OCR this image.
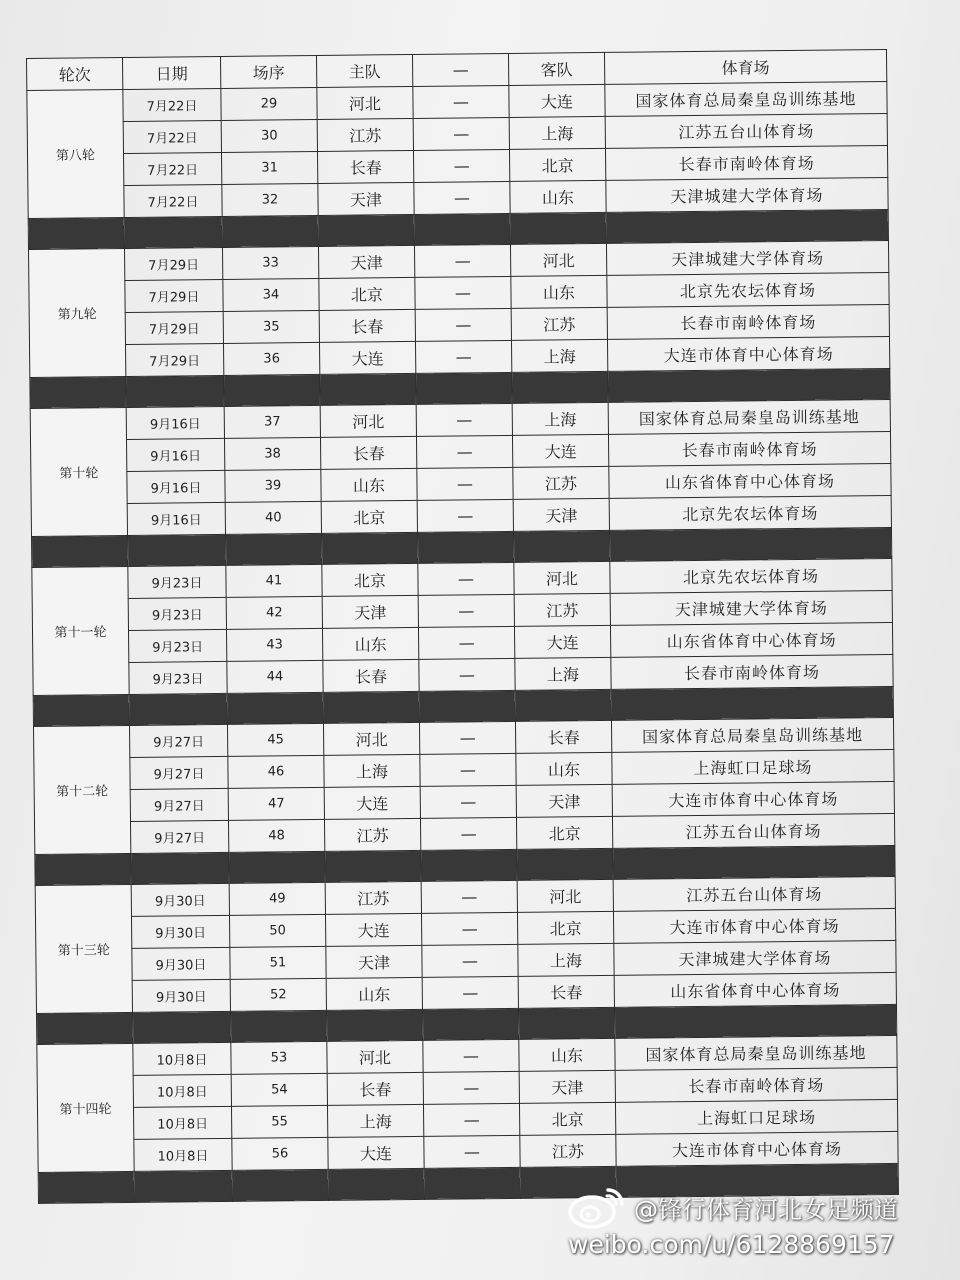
轮次	日期	场序	主队	—	客队	体育场
第八轮	7月22日	29	河北	—	大连	国家体育总局秦皇岛训练基地
	7月22日	30	江苏	—	上海	江苏五台山体育场
	7月22日	31	长春	—	北京	长春市南岭体育场
	7月22日	32	天津	—	山东	天津城建大学体育场

第九轮	7月29日	33	天津	—	河北	天津城建大学体育场
	7月29日	34	北京	—	山东	北京先农坛体育场
	7月29日	35	长春	—	江苏	长春市南岭体育场
	7月29日	36	大连	—	上海	大连市体育中心体育场

第十轮	9月16日	37	河北	—	上海	国家体育总局秦皇岛训练基地
	9月16日	38	长春	—	大连	长春市南岭体育场
	9月16日	39	山东	—	江苏	山东省体育中心体育场
	9月16日	40	北京	—	天津	北京先农坛体育场

第十一轮	9月23日	41	北京	—	河北	北京先农坛体育场
	9月23日	42	天津	—	江苏	天津城建大学体育场
	9月23日	43	山东	—	大连	山东省体育中心体育场
	9月23日	44	长春	—	上海	长春市南岭体育场

第十二轮	9月27日	45	河北	—	长春	国家体育总局秦皇岛训练基地
	9月27日	46	上海	—	山东	上海虹口足球场
	9月27日	47	大连	—	天津	大连市体育中心体育场
	9月27日	48	江苏	—	北京	江苏五台山体育场

第十三轮	9月30日	49	江苏	—	河北	江苏五台山体育场
	9月30日	50	大连	—	北京	大连市体育中心体育场
	9月30日	51	天津	—	上海	天津城建大学体育场
	9月30日	52	山东	—	长春	山东省体育中心体育场

第十四轮	10月8日	53	河北	—	山东	国家体育总局秦皇岛训练基地
	10月8日	54	长春	—	天津	长春市南岭体育场
	10月8日	55	上海	—	北京	上海虹口足球场
	10月8日	56	大连	—	江苏	大连市体育中心体育场

@锋行体育河北女足频道
weibo.com/u/6128869157
